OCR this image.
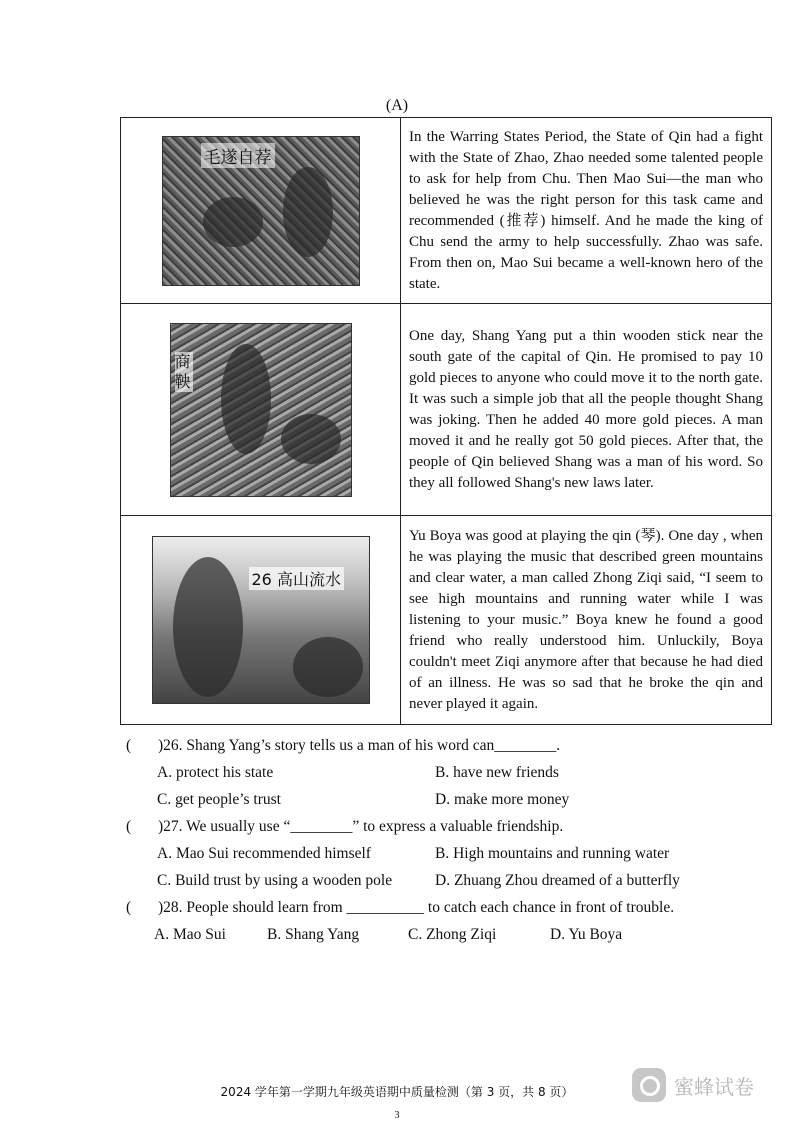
(A)
毛遂自荐	In the Warring States Period, the State of Qin had a fight with the State of Zhao, Zhao needed some talented people to ask for help from Chu. Then Mao Sui—the man who believed he was the right person for this task came and recommended (推荐) himself. And he made the king of Chu send the army to help successfully. Zhao was safe. From then on, Mao Sui became a well-known hero of the state.

商鞅	One day, Shang Yang put a thin wooden stick near the south gate of the capital of Qin. He promised to pay 10 gold pieces to anyone who could move it to the north gate. It was such a simple job that all the people thought Shang was joking. Then he added 40 more gold pieces. A man moved it and he really got 50 gold pieces. After that, the people of Qin believed Shang was a man of his word. So they all followed Shang's new laws later.

26 高山流水	Yu Boya was good at playing the qin (琴). One day , when he was playing the music that described green mountains and clear water, a man called Zhong Ziqi said, “I seem to see high mountains and running water while I was listening to your music.” Boya knew he found a good friend who really understood him. Unluckily, Boya couldn't meet Ziqi anymore after that because he had died of an illness. He was so sad that he broke the qin and never played it again.
( )26. Shang Yang’s story tells us a man of his word can________.
A. protect his state	B. have new friends
C. get people’s trust	D. make more money
( )27. We usually use “________” to express a valuable friendship.
A. Mao Sui recommended himself	B. High mountains and running water
C. Build trust by using a wooden pole	D. Zhuang Zhou dreamed of a butterfly
( )28. People should learn from __________ to catch each chance in front of trouble.
A. Mao Sui	B. Shang Yang	C. Zhong Ziqi	D. Yu Boya
2024 学年第一学期九年级英语期中质量检测（第 3 页，共 8 页）
3
蜜蜂试卷
